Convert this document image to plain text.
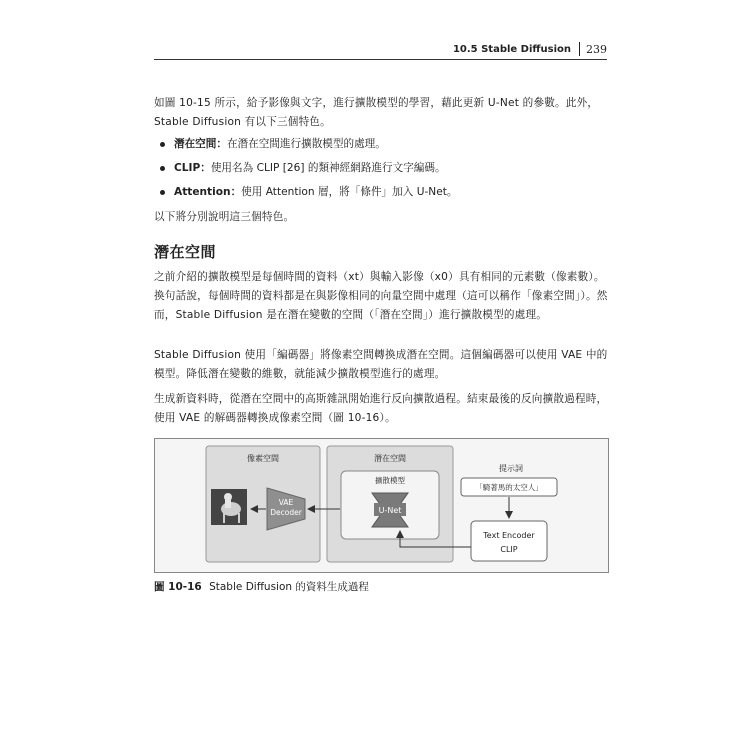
10.5 Stable Diffusion 239
如圖 10-15 所示，給予影像與文字，進行擴散模型的學習，藉此更新 U-Net 的參數。此外，Stable Diffusion 有以下三個特色。
潛在空間：在潛在空間進行擴散模型的處理。
CLIP：使用名為 CLIP [26] 的類神經網路進行文字編碼。
Attention：使用 Attention 層，將「條件」加入 U-Net。
以下將分別說明這三個特色。
潛在空間
之前介紹的擴散模型是每個時間的資料（xt）與輸入影像（x0）具有相同的元素數（像素數）。換句話說，每個時間的資料都是在與影像相同的向量空間中處理（這可以稱作「像素空間」）。然而，Stable Diffusion 是在潛在變數的空間（「潛在空間」）進行擴散模型的處理。
Stable Diffusion 使用「編碼器」將像素空間轉換成潛在空間。這個編碼器可以使用 VAE 中的模型。降低潛在變數的維數，就能減少擴散模型進行的處理。
生成新資料時，從潛在空間中的高斯雜訊開始進行反向擴散過程。結束最後的反向擴散過程時，使用 VAE 的解碼器轉換成像素空間（圖 10-16）。
像素空間
VAE
Decoder
潛在空間
擴散模型
U-Net
提示詞
「騎著馬的太空人」
Text Encoder
CLIP
圖 10-16 Stable Diffusion 的資料生成過程
